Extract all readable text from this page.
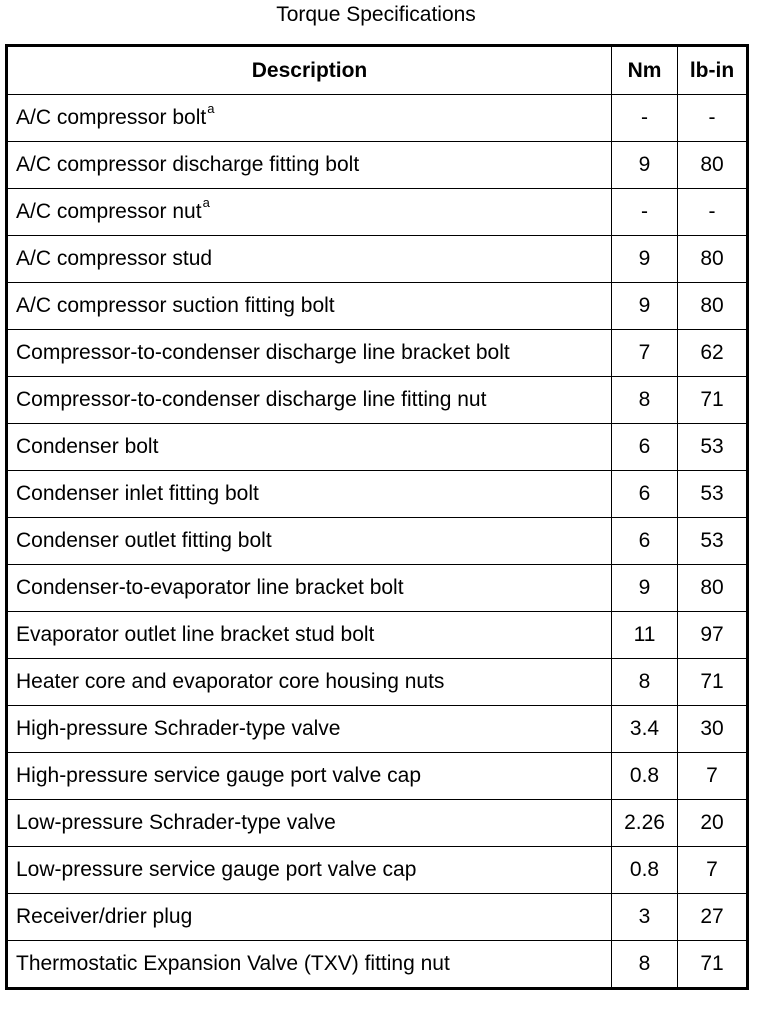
Torque Specifications
Description	Nm	lb-in
A/C compressor bolt$^a$	-	-
A/C compressor discharge fitting bolt	9	80
A/C compressor nut$^a$	-	-
A/C compressor stud	9	80
A/C compressor suction fitting bolt	9	80
Compressor-to-condenser discharge line bracket bolt	7	62
Compressor-to-condenser discharge line fitting nut	8	71
Condenser bolt	6	53
Condenser inlet fitting bolt	6	53
Condenser outlet fitting bolt	6	53
Condenser-to-evaporator line bracket bolt	9	80
Evaporator outlet line bracket stud bolt	11	97
Heater core and evaporator core housing nuts	8	71
High-pressure Schrader-type valve	3.4	30
High-pressure service gauge port valve cap	0.8	7
Low-pressure Schrader-type valve	2.26	20
Low-pressure service gauge port valve cap	0.8	7
Receiver/drier plug	3	27
Thermostatic Expansion Valve (TXV) fitting nut	8	71
